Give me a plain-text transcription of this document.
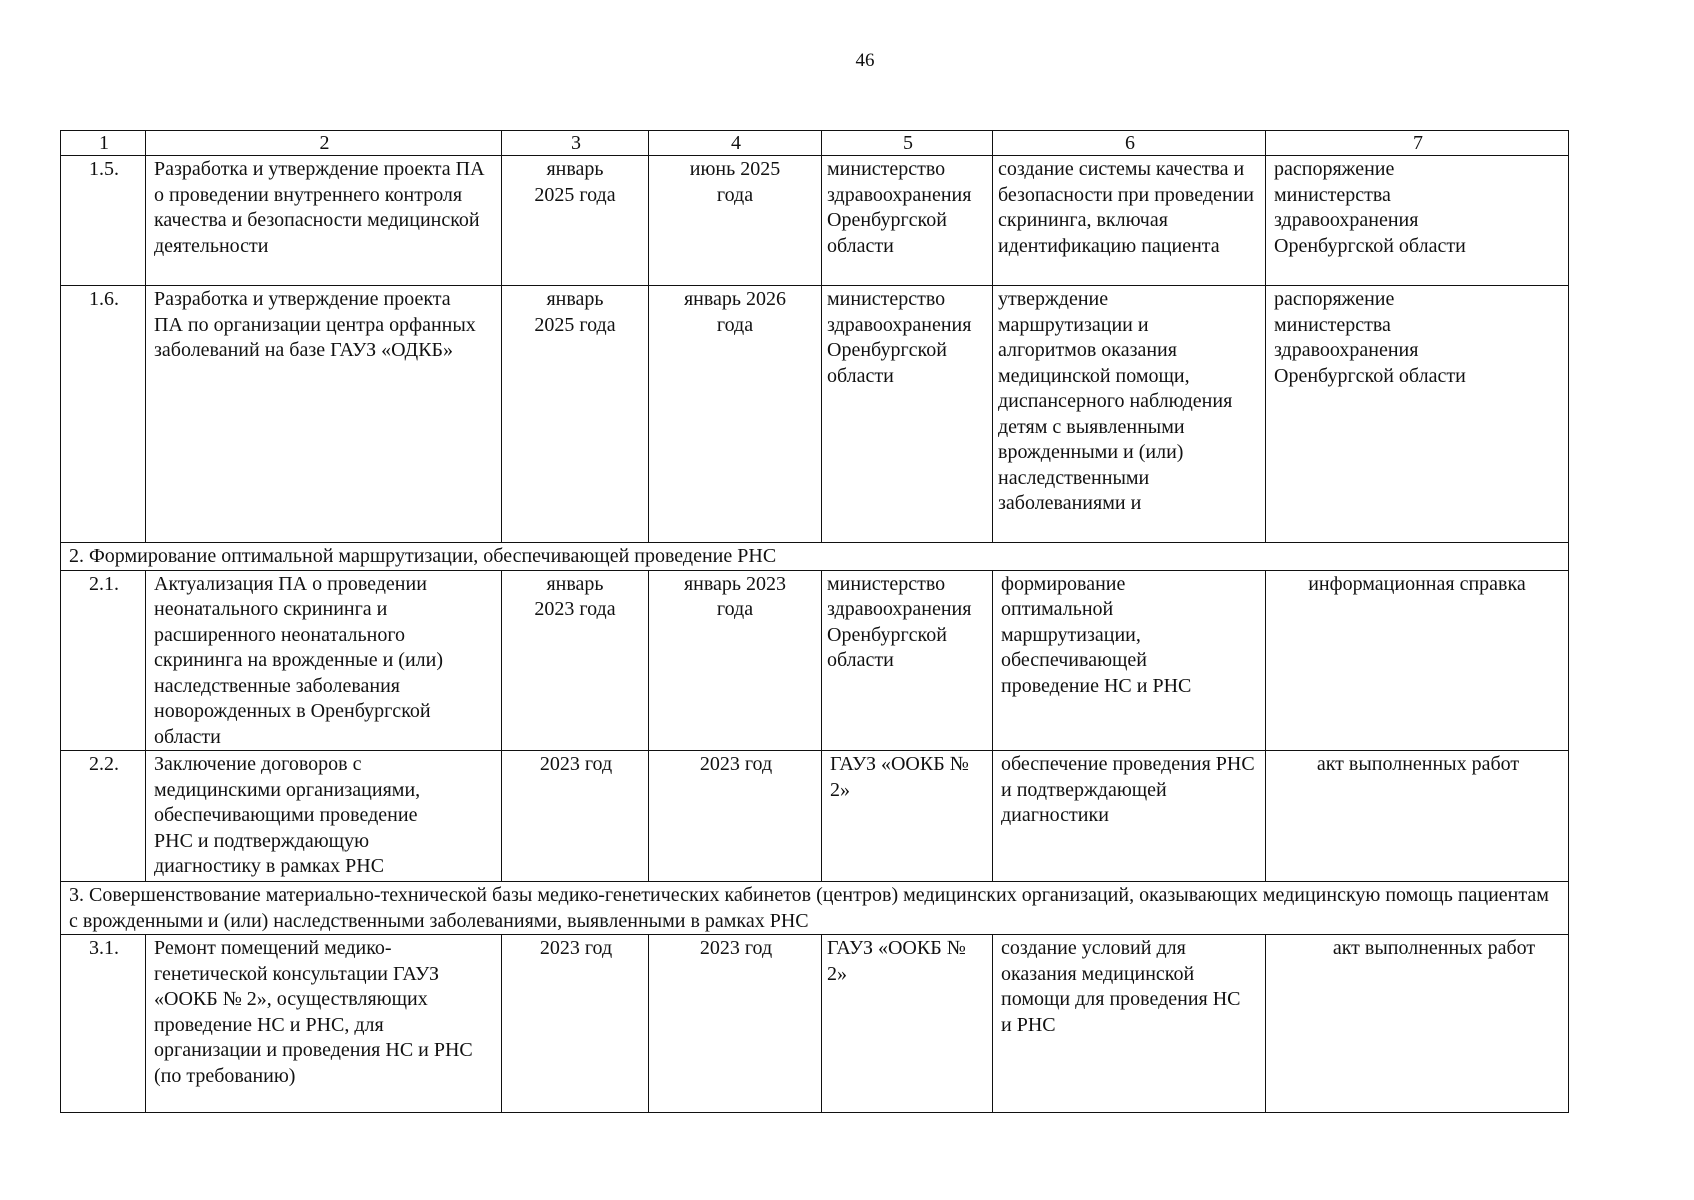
46
1	2	3	4	5	6	7
1.5.	Разработка и утверждение проекта ПА о проведении внутреннего контроля качества и безопасности медицинской деятельности	январь 2025 года	июнь 2025 года	министерство здравоохранения Оренбургской области	создание системы качества и безопасности при проведении скрининга, включая идентификацию пациента	распоряжение министерства здравоохранения Оренбургской области
1.6.	Разработка и утверждение проекта ПА по организации центра орфанных заболеваний на базе ГАУЗ «ОДКБ»	январь 2025 года	январь 2026 года	министерство здравоохранения Оренбургской области	утверждение маршрутизации и алгоритмов оказания медицинской помощи, диспансерного наблюдения детям с выявленными врожденными и (или) наследственными заболеваниями и	распоряжение министерства здравоохранения Оренбургской области
2. Формирование оптимальной маршрутизации, обеспечивающей проведение РНС						
2.1.	Актуализация ПА о проведении неонатального скрининга и расширенного неонатального скрининга на врожденные и (или) наследственные заболевания новорожденных в Оренбургской области	январь 2023 года	январь 2023 года	министерство здравоохранения Оренбургской области	формирование оптимальной маршрутизации, обеспечивающей проведение НС и РНС	информационная справка
2.2.	Заключение договоров с медицинскими организациями, обеспечивающими проведение РНС и подтверждающую диагностику в рамках РНС	2023 год	2023 год	ГАУЗ «ООКБ № 2»	обеспечение проведения РНС и подтверждающей диагностики	акт выполненных работ
3. Совершенствование материально-технической базы медико-генетических кабинетов (центров) медицинских организаций, оказывающих медицинскую помощь пациентам с врожденными и (или) наследственными заболеваниями, выявленными в рамках РНС						
3.1.	Ремонт помещений медико-генетической консультации ГАУЗ «ООКБ № 2», осуществляющих проведение НС и РНС, для организации и проведения НС и РНС (по требованию)	2023 год	2023 год	ГАУЗ «ООКБ № 2»	создание условий для оказания медицинской помощи для проведения НС и РНС	акт выполненных работ
